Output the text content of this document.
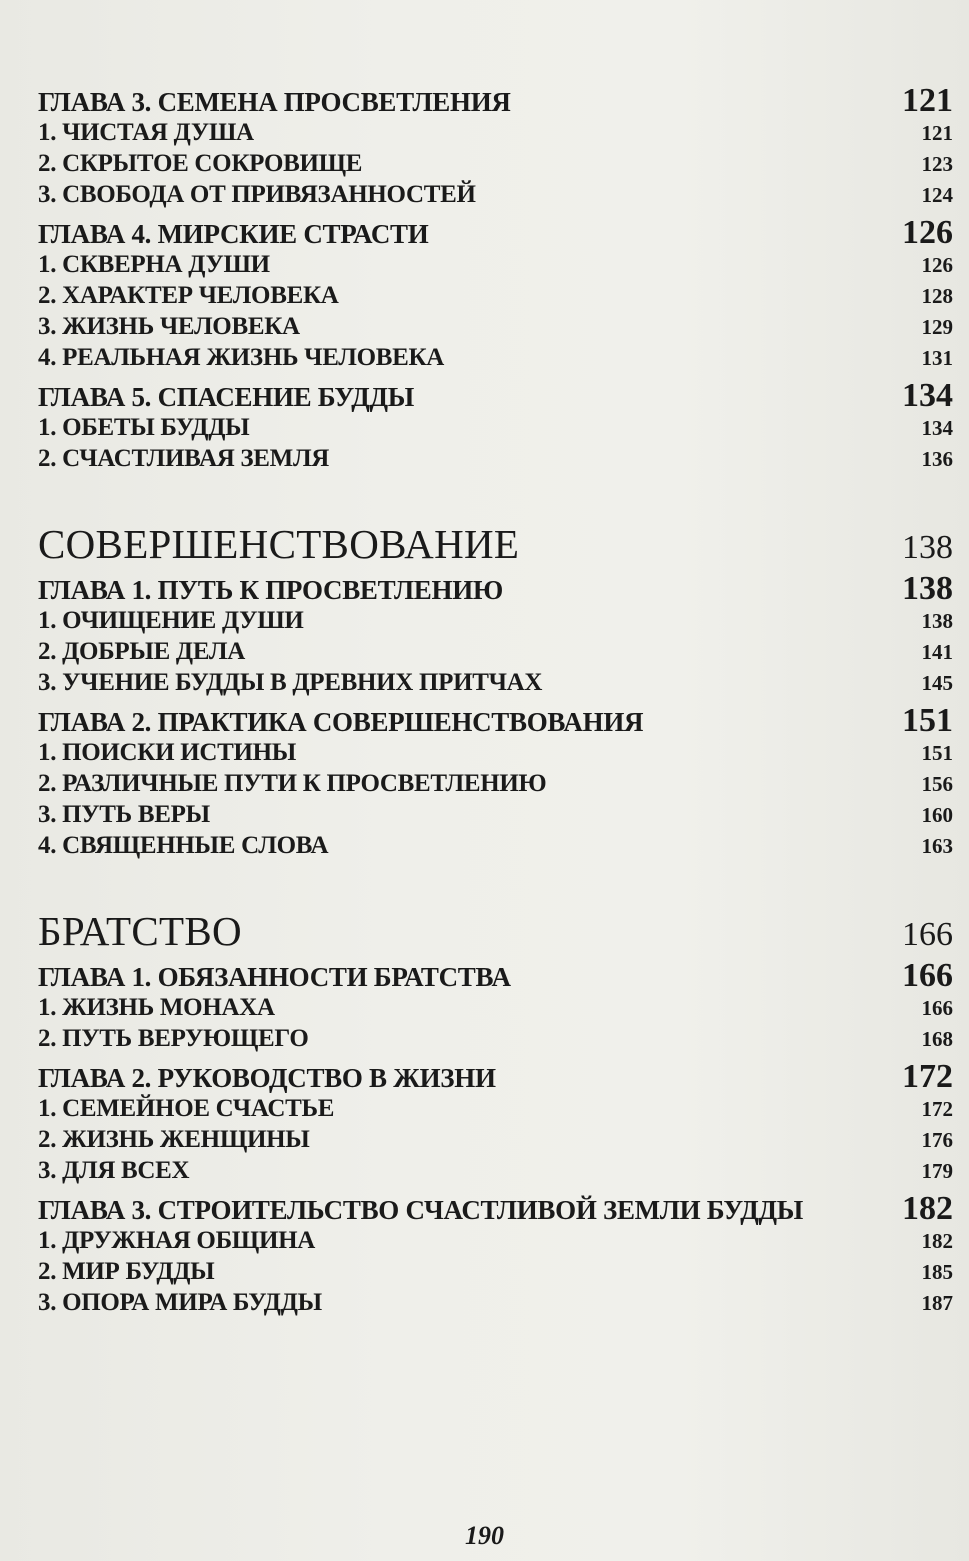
ГЛАВА 3. СЕМЕНА ПРОСВЕТЛЕНИЯ	121
1. ЧИСТАЯ ДУША	121
2. СКРЫТОЕ СОКРОВИЩЕ	123
3. СВОБОДА ОТ ПРИВЯЗАННОСТЕЙ	124
ГЛАВА 4. МИРСКИЕ СТРАСТИ	126
1. СКВЕРНА ДУШИ	126
2. ХАРАКТЕР ЧЕЛОВЕКА	128
3. ЖИЗНЬ ЧЕЛОВЕКА	129
4. РЕАЛЬНАЯ ЖИЗНЬ ЧЕЛОВЕКА	131
ГЛАВА 5. СПАСЕНИЕ БУДДЫ	134
1. ОБЕТЫ БУДДЫ	134
2. СЧАСТЛИВАЯ ЗЕМЛЯ	136
СОВЕРШЕНСТВОВАНИЕ	138
ГЛАВА 1. ПУТЬ К ПРОСВЕТЛЕНИЮ	138
1. ОЧИЩЕНИЕ ДУШИ	138
2. ДОБРЫЕ ДЕЛА	141
3. УЧЕНИЕ БУДДЫ В ДРЕВНИХ ПРИТЧАХ	145
ГЛАВА 2. ПРАКТИКА СОВЕРШЕНСТВОВАНИЯ	151
1. ПОИСКИ ИСТИНЫ	151
2. РАЗЛИЧНЫЕ ПУТИ К ПРОСВЕТЛЕНИЮ	156
3. ПУТЬ ВЕРЫ	160
4. СВЯЩЕННЫЕ СЛОВА	163
БРАТСТВО	166
ГЛАВА 1. ОБЯЗАННОСТИ БРАТСТВА	166
1. ЖИЗНЬ МОНАХА	166
2. ПУТЬ ВЕРУЮЩЕГО	168
ГЛАВА 2. РУКОВОДСТВО В ЖИЗНИ	172
1. СЕМЕЙНОЕ СЧАСТЬЕ	172
2. ЖИЗНЬ ЖЕНЩИНЫ	176
3. ДЛЯ ВСЕХ	179
ГЛАВА 3. СТРОИТЕЛЬСТВО СЧАСТЛИВОЙ ЗЕМЛИ БУДДЫ	182
1. ДРУЖНАЯ ОБЩИНА	182
2. МИР БУДДЫ	185
3. ОПОРА МИРА БУДДЫ	187
190
